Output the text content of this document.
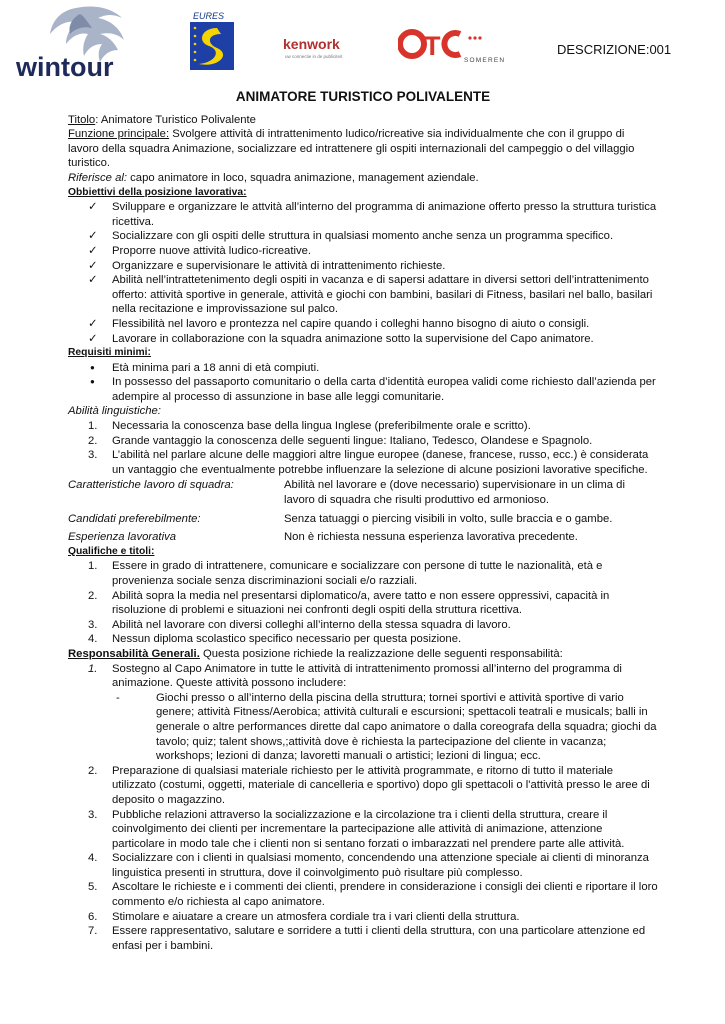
wintour
EURES
kenwork
uw connectie in de publiciteit	T	SOMEREN
DESCRIZIONE:001
ANIMATORE TURISTICO POLIVALENTE

Titolo: Animatore Turistico Polivalente

Funzione principale: Svolgere attività di intrattenimento ludico/ricreative sia individualmente che con il gruppo di lavoro della squadra Animazione, socializzare ed intrattenere gli ospiti internazionali del campeggio o del villaggio turistico.

Riferisce al: capo animatore in loco, squadra animazione, management aziendale.

Obbiettivi della posizione lavorativa:
✓ Sviluppare e organizzare le attvità all’interno del programma di animazione offerto presso la struttura turistica ricettiva.
✓ Socializzare con gli ospiti delle struttura in qualsiasi momento anche senza un programma specifico.
✓ Proporre nuove attività ludico-ricreative.
✓ Organizzare e supervisionare le attività di intrattenimento richieste.
✓ Abilità nell’intrattetenimento degli ospiti in vacanza e di sapersi adattare in diversi settori dell’intrattenimento offerto: attività sportive in generale, attività e giochi con bambini, basilari di Fitness, basilari nel ballo, basilari nella recitazione e improvissazione sul palco.
✓ Flessibilità nel lavoro e prontezza nel capire quando i colleghi hanno bisogno di aiuto o consigli.
✓ Lavorare in collaborazione con la squadra animazione sotto la supervisione del Capo animatore.
Requisiti minimi:
● Età minima pari a 18 anni di età compiuti.
● In possesso del passaporto comunitario o della carta d’identità europea validi come richiesto dall’azienda per adempire al processo di assunzione in base alle leggi comunitarie.

Abilità linguistiche:

1. Necessaria la conoscenza base della lingua Inglese (preferibilmente orale e scritto).
2. Grande vantaggio la conoscenza delle seguenti lingue: Italiano, Tedesco, Olandese e Spagnolo.
3. L’abilità nel parlare alcune delle maggiori altre lingue europee (danese, francese, russo, ecc.) è considerata un vantaggio che eventualmente potrebbe influenzare la selezione di alcune posizioni lavorative specifiche.
Caratteristiche lavoro di squadra:	Abilità nel lavorare e (dove necessario) supervisionare in un clima di lavoro di squadra che risulti produttivo ed armonioso.

Candidati preferebilmente:	Senza tatuaggi o piercing visibili in volto, sulle braccia e o gambe.

Esperienza lavorativa	Non è richiesta nessuna esperienza lavorativa precedente.
Qualifiche e titoli:
1. Essere in grado di intrattenere, comunicare e socializzare con persone di tutte le nazionalità, età e provenienza sociale senza discriminazioni sociali e/o razziali.
2. Abilità sopra la media nel presentarsi diplomatico/a, avere tatto e non essere oppressivi, capacità in risoluzione di problemi e situazioni nei confronti degli ospiti della struttura ricettiva.
3. Abilità nel lavorare con diversi colleghi all’interno della stessa squadra di lavoro.
4. Nessun diploma scolastico specifico necessario per questa posizione.

Responsabilità Generali. Questa posizione richiede la realizzazione delle seguenti responsabilità:

1. Sostegno al Capo Animatore in tutte le attività di intrattenimento promossi all’interno del programma di animazione. Queste attività possono includere:
-	Giochi presso o all’interno della piscina della struttura; tornei sportivi e attività sportive di vario genere; attività Fitness/Aerobica; attività culturali e escursioni; spettacoli teatrali e musicals; balli in generale o altre performances dirette dal capo animatore o dalla coreografa della squadra; giochi da tavolo; quiz; talent shows,;attività dove è richiesta la partecipazione del cliente in vacanza; workshops; lezioni di danza; lavoretti manuali o artistici; lezioni di lingua; ecc.
2. Preparazione di qualsiasi materiale richiesto per le attività programmate, e ritorno di tutto il materiale utilizzato (costumi, oggetti, materiale di cancelleria e sportivo) dopo gli spettacoli o l'attività presso le aree di deposito o magazzino.
3. Pubbliche relazioni attraverso la socializzazione e la circolazione tra i clienti della struttura, creare il coinvolgimento dei clienti per incrementare la partecipazione alle attività di animazione, attenzione particolare in modo tale che i clienti non si sentano forzati o imbarazzati nel prendere parte alle attività.
4. Socializzare con i clienti in qualsiasi momento, concendendo una attenzione speciale ai clienti di minoranza linguistica presenti in struttura, dove il coinvolgimento può risultare più complesso.
5. Ascoltare le richieste e i commenti dei clienti, prendere in considerazione i consigli dei clienti e riportare il loro commento e/o richiesta al capo animatore.
6. Stimolare e aiuatare a creare un atmosfera cordiale tra i vari clienti della struttura.
7. Essere rappresentativo, salutare e sorridere a tutti i clienti della struttura, con una particolare attenzione ed enfasi per i bambini.
